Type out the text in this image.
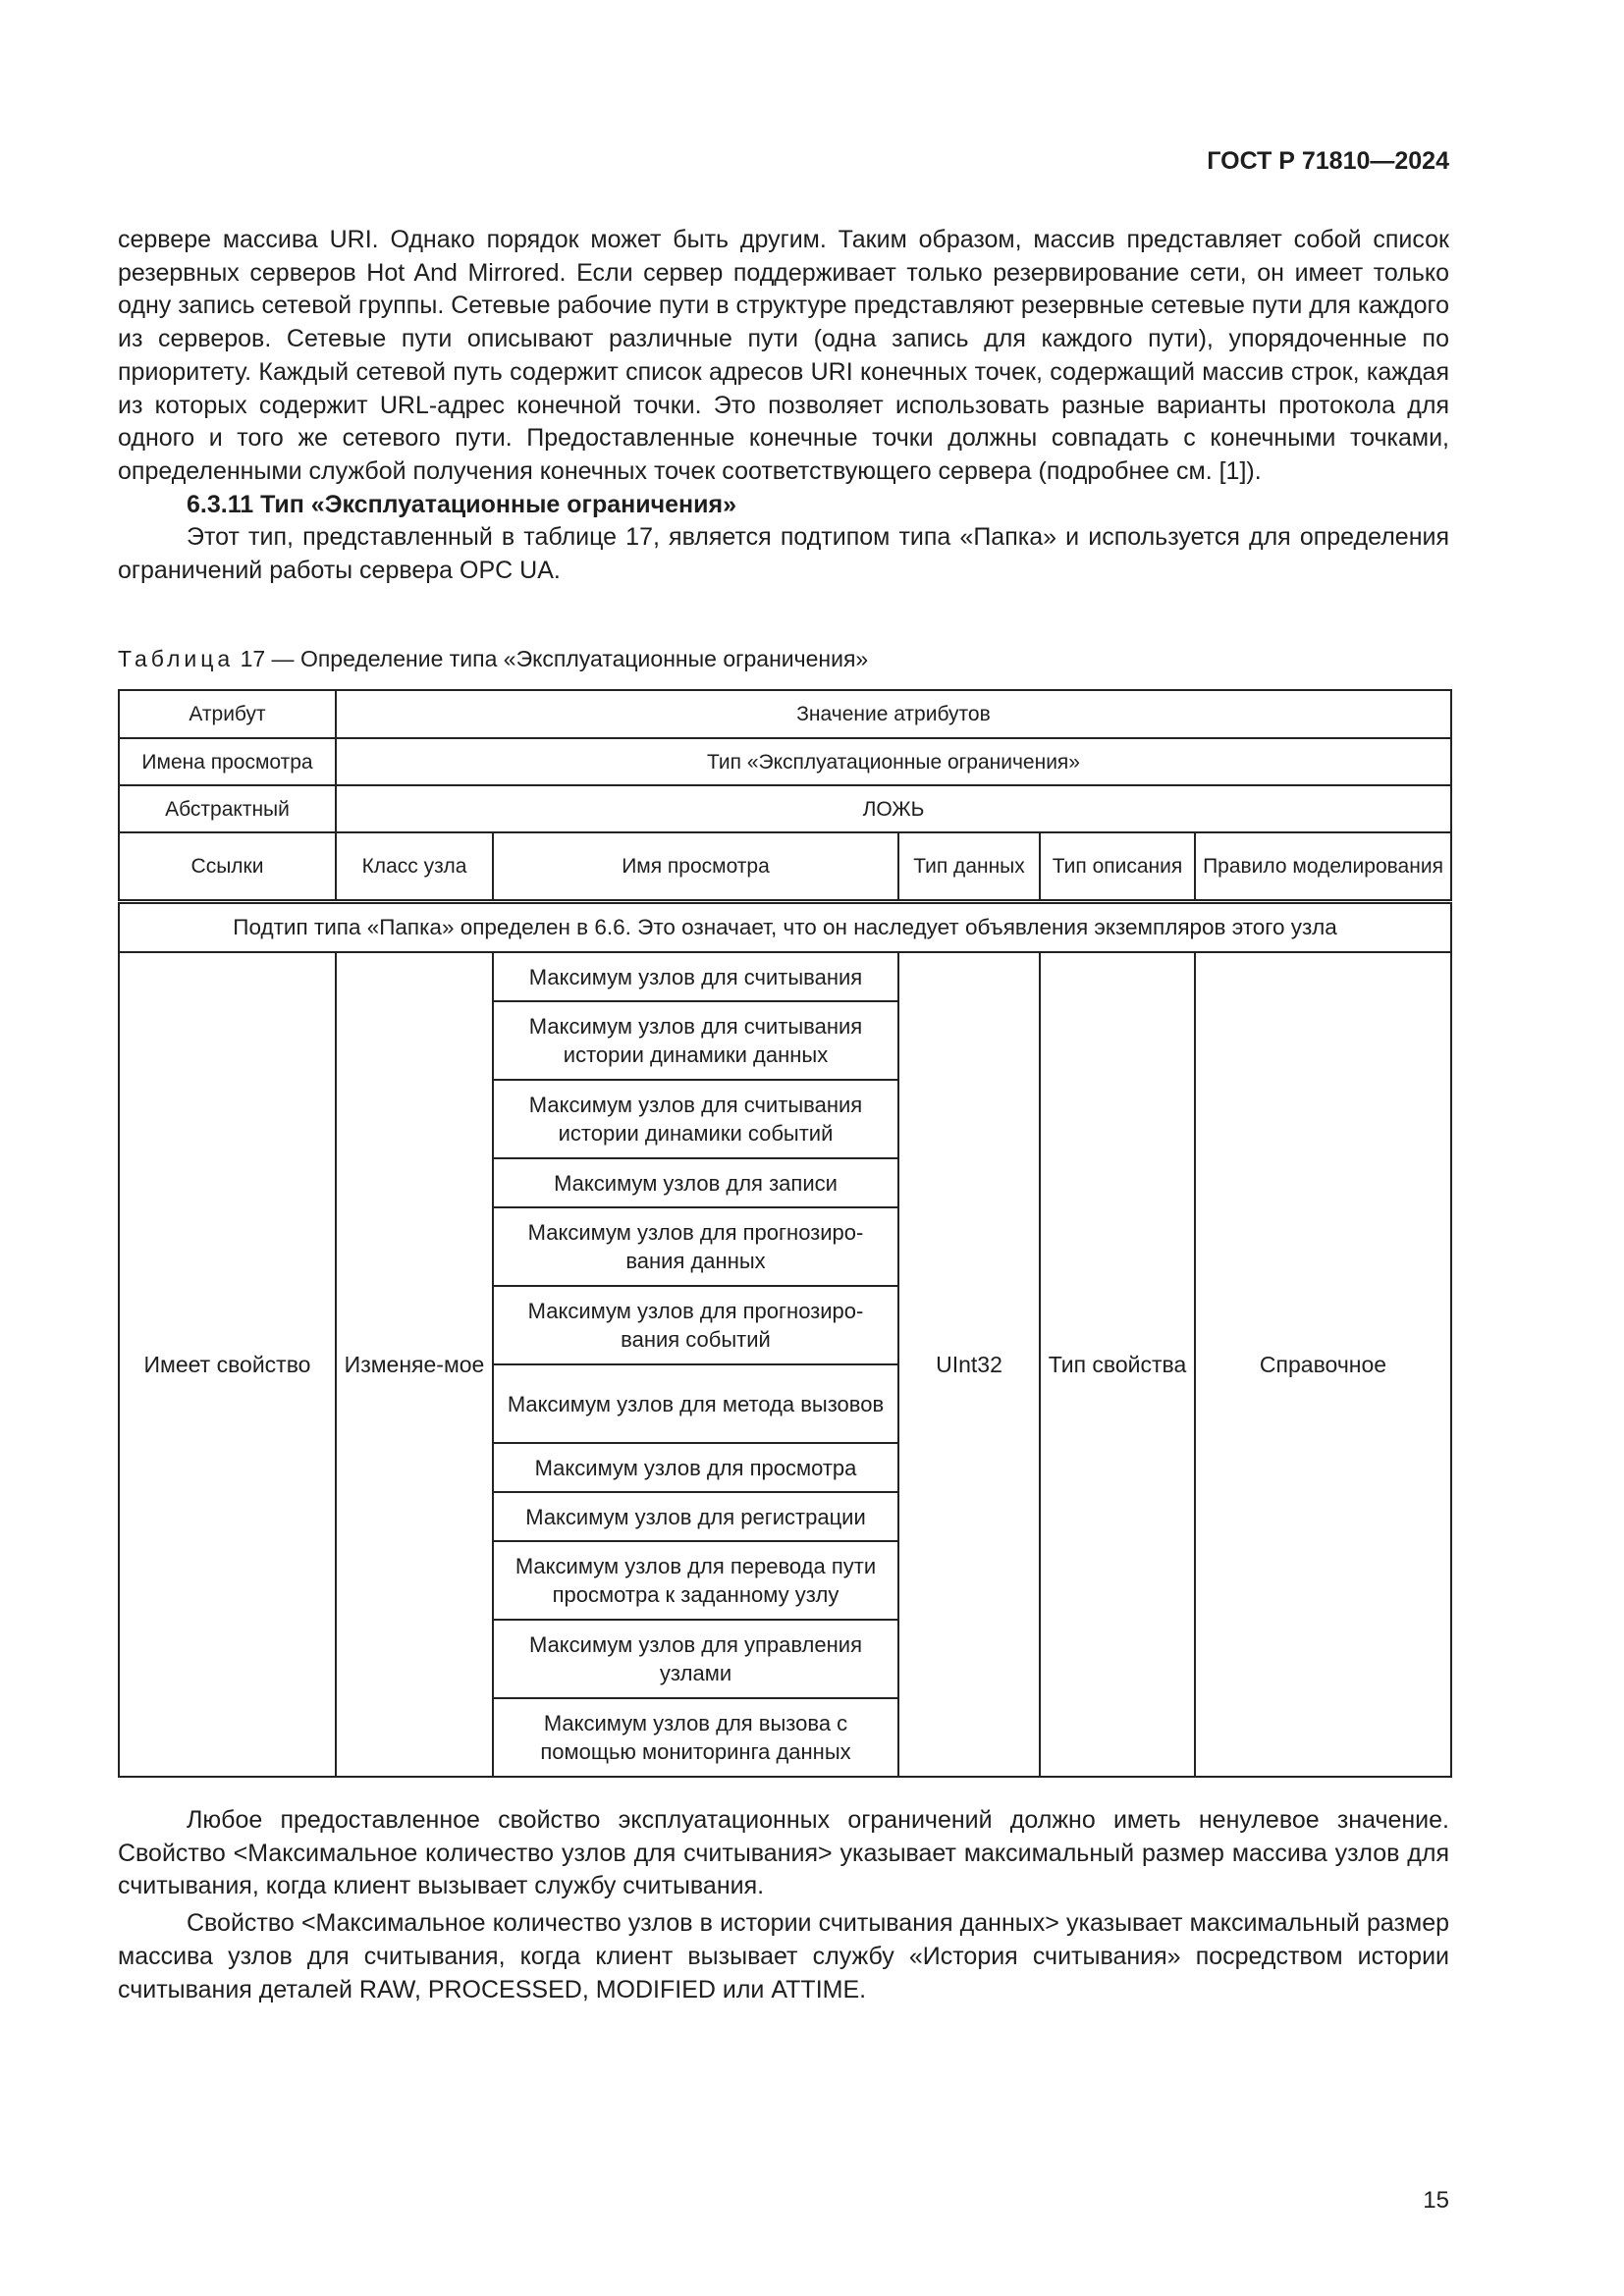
ГОСТ Р 71810—2024

сервере массива URI. Однако порядок может быть другим. Таким образом, массив представляет собой список резервных серверов Hot And Mirrored. Если сервер поддерживает только резервирование сети, он имеет только одну запись сетевой группы. Сетевые рабочие пути в структуре представляют резервные сетевые пути для каждого из серверов. Сетевые пути описывают различные пути (одна запись для каждого пути), упорядоченные по приоритету. Каждый сетевой путь содержит список адресов URI конечных точек, содержащий массив строк, каждая из которых содержит URL-адрес конечной точки. Это позволяет использовать разные варианты протокола для одного и того же сетевого пути. Предоставленные конечные точки должны совпадать с конечными точками, определенными службой получения конечных точек соответствующего сервера (подробнее см. [1]).

6.3.11 Тип «Эксплуатационные ограничения»

Этот тип, представленный в таблице 17, является подтипом типа «Папка» и используется для определения ограничений работы сервера OPC UA.

Таблица 17 — Определение типа «Эксплуатационные ограничения»
Атрибут	Значение атрибутов				
Имена просмотра	Тип «Эксплуатационные ограничения»				
Абстрактный	ЛОЖЬ				
Ссылки	Класс узла	Имя просмотра	Тип данных	Тип описания	Правило моделирования
Подтип типа «Папка» определен в 6.6. Это означает, что он наследует объявления экземпляров этого узла					
Имеет свойство	Изменяе-мое	Максимум узлов для считывания	UInt32	Тип свойства	Справочное
		Максимум узлов для считывания истории динамики данных			
		Максимум узлов для считывания истории динамики событий			
		Максимум узлов для записи			
		Максимум узлов для прогнозиро-вания данных			
		Максимум узлов для прогнозиро-вания событий			
		Максимум узлов для метода вызовов			
		Максимум узлов для просмотра			
		Максимум узлов для регистрации			
		Максимум узлов для перевода пути просмотра к заданному узлу			
		Максимум узлов для управления узлами			
		Максимум узлов для вызова с помощью мониторинга данных			

Любое предоставленное свойство эксплуатационных ограничений должно иметь ненулевое значение. Свойство <Максимальное количество узлов для считывания> указывает максимальный размер массива узлов для считывания, когда клиент вызывает службу считывания.

Свойство <Максимальное количество узлов в истории считывания данных> указывает максимальный размер массива узлов для считывания, когда клиент вызывает службу «История считывания» посредством истории считывания деталей RAW, PROCESSED, MODIFIED или ATTIME.

15
